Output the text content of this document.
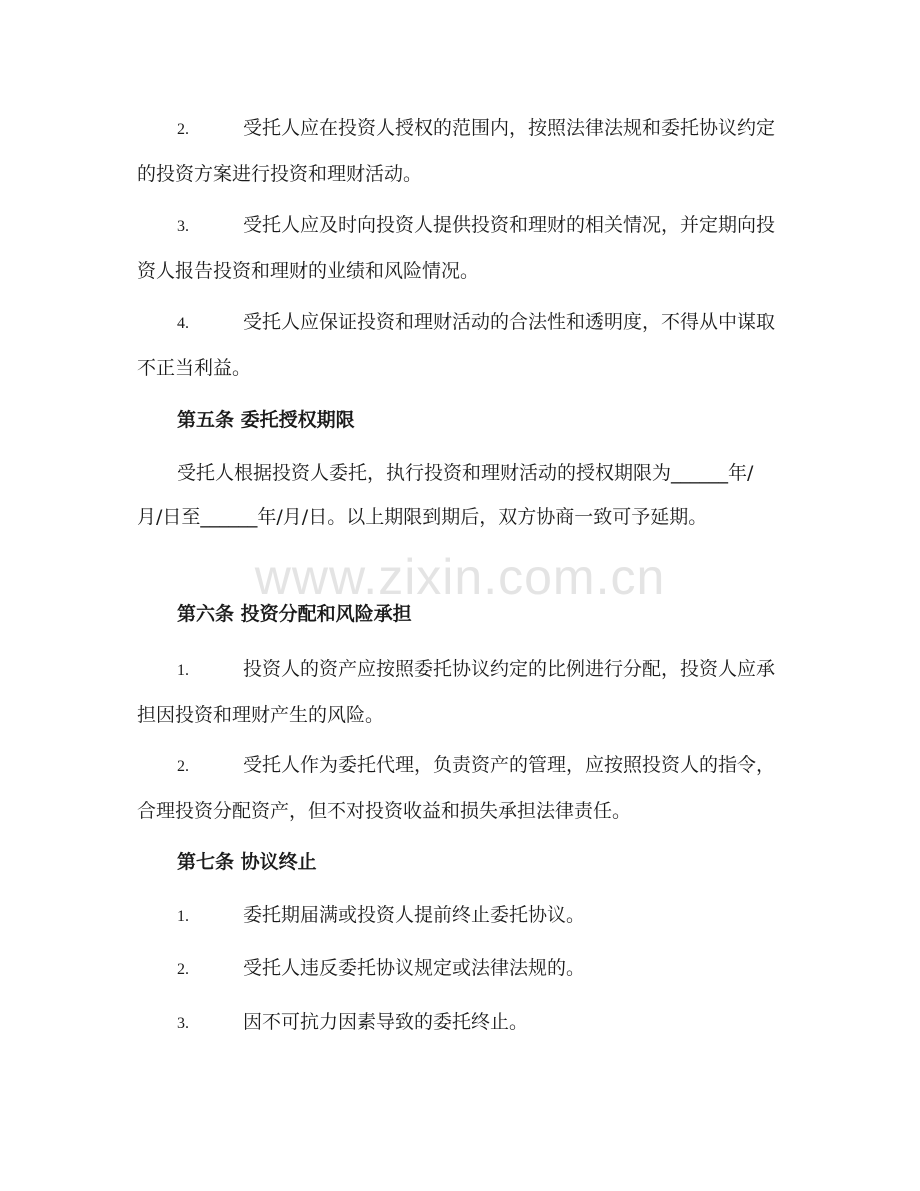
www.zixin.com.cn
2.	受托人应在投资人授权的范围内，按照法律法规和委托协议约定的投资方案进行投资和理财活动。
3.	受托人应及时向投资人提供投资和理财的相关情况，并定期向投资人报告投资和理财的业绩和风险情况。
4.	受托人应保证投资和理财活动的合法性和透明度，不得从中谋取不正当利益。
第五条 委托授权期限
受托人根据投资人委托，执行投资和理财活动的授权期限为______年/月/日至______年/月/日。以上期限到期后，双方协商一致可予延期。
第六条 投资分配和风险承担
1.	投资人的资产应按照委托协议约定的比例进行分配，投资人应承担因投资和理财产生的风险。
2.	受托人作为委托代理，负责资产的管理，应按照投资人的指令，合理投资分配资产，但不对投资收益和损失承担法律责任。
第七条 协议终止
1.	委托期届满或投资人提前终止委托协议。
2.	受托人违反委托协议规定或法律法规的。
3.	因不可抗力因素导致的委托终止。
